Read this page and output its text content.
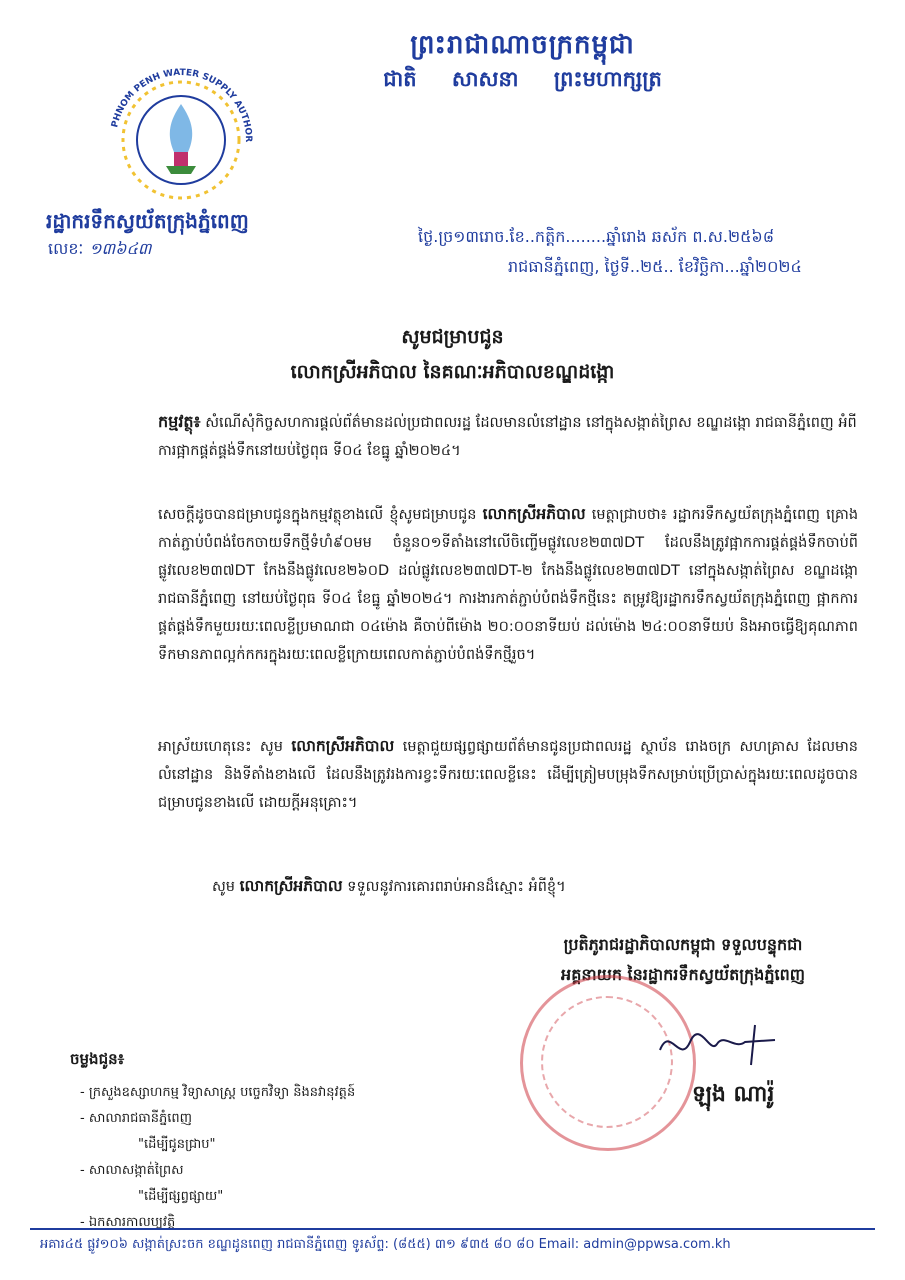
ព្រះរាជាណាចក្រកម្ពុជា
ជាតិ សាសនា ព្រះមហាក្សត្រ
PHNOM PENH WATER SUPPLY AUTHOR
រដ្ឋាករទឹកស្វយ័តក្រុងភ្នំពេញ
លេខៈ ១៣៦៤៣
ថ្ងៃ.ច្រ១៣រោច.ខែ..កត្តិក........ឆ្នាំរោង ឆស័ក ព.ស.២៥៦៨
រាជធានីភ្នំពេញ, ថ្ងៃទី..២៥.. ខែវិច្ឆិកា...ឆ្នាំ២០២៤
សូមជម្រាបជូន
លោកស្រីអភិបាល នៃគណៈអភិបាលខណ្ឌដង្កោ
កម្មវត្ថុ៖ សំណើសុំកិច្ចសហការផ្តល់ព័ត៌មានដល់ប្រជាពលរដ្ឋ ដែលមានលំនៅដ្ឋាន នៅក្នុងសង្កាត់ព្រៃស ខណ្ឌដង្កោ រាជធានីភ្នំពេញ អំពីការផ្អាកផ្គត់ផ្គង់ទឹកនៅយប់ថ្ងៃពុធ ទី០៤ ខែធ្នូ ឆ្នាំ២០២៤។
សេចក្តីដូចបានជម្រាបជូនក្នុងកម្មវត្ថុខាងលើ ខ្ញុំសូមជម្រាបជូន លោកស្រីអភិបាល មេត្តាជ្រាបថា៖ រដ្ឋាករទឹកស្វយ័តក្រុងភ្នំពេញ គ្រោងកាត់ភ្ជាប់បំពង់ចែកចាយទឹកថ្មីទំហំ៩០មម ចំនួន០១ទីតាំងនៅលើចិញ្ចើមផ្លូវលេខ២៣៧DT ដែលនឹងត្រូវផ្អាកការផ្គត់ផ្គង់ទឹកចាប់ពីផ្លូវលេខ២៣៧DT កែងនឹងផ្លូវលេខ២៦០D ដល់ផ្លូវលេខ២៣៧DT-២ កែងនឹងផ្លូវលេខ២៣៧DT នៅក្នុងសង្កាត់ព្រៃស ខណ្ឌដង្កោ រាជធានីភ្នំពេញ នៅយប់ថ្ងៃពុធ ទី០៤ ខែធ្នូ ឆ្នាំ២០២៤។ ការងារកាត់ភ្ជាប់បំពង់ទឹកថ្មីនេះ តម្រូវឱ្យរដ្ឋាករទឹកស្វយ័តក្រុងភ្នំពេញ ផ្អាកការផ្គត់ផ្គង់ទឹកមួយរយៈពេលខ្លីប្រមាណជា ០៤ម៉ោង គឺចាប់ពីម៉ោង ២០:០០នាទីយប់ ដល់ម៉ោង ២៤:០០នាទីយប់ និងអាចធ្វើឱ្យគុណភាពទឹកមានភាពល្អក់កករក្នុងរយៈពេលខ្លីក្រោយពេលកាត់ភ្ជាប់បំពង់ទឹកថ្មីរួច។
អាស្រ័យហេតុនេះ សូម លោកស្រីអភិបាល មេត្តាជួយផ្សព្វផ្សាយព័ត៌មានជូនប្រជាពលរដ្ឋ ស្ថាប័ន រោងចក្រ សហគ្រាស ដែលមានលំនៅដ្ឋាន និងទីតាំងខាងលើ ដែលនឹងត្រូវរងការខ្វះទឹករយៈពេលខ្លីនេះ ដើម្បីត្រៀមបម្រុងទឹកសម្រាប់ប្រើប្រាស់ក្នុងរយៈពេលដូចបានជម្រាបជូនខាងលើ ដោយក្តីអនុគ្រោះ។
សូម លោកស្រីអភិបាល ទទួលនូវការគោរពរាប់អានដ៏ស្មោះ អំពីខ្ញុំ។
ប្រតិភូរាជរដ្ឋាភិបាលកម្ពុជា ទទួលបន្ទុកជា
អគ្គនាយក នៃរដ្ឋាករទឹកស្វយ័តក្រុងភ្នំពេញ
ឡុង ណារ៉ូ
ចម្លងជូន៖
- ក្រសួងឧស្សាហកម្ម វិទ្យាសាស្ត្រ បច្ចេកវិទ្យា និងនវានុវត្តន៍
- សាលារាជធានីភ្នំពេញ
"ដើម្បីជូនជ្រាប"
- សាលាសង្កាត់ព្រៃស
"ដើម្បីផ្សព្វផ្សាយ"
- ឯកសារកាលប្បវត្តិ
អគារ៤៥ ផ្លូវ១០៦ សង្កាត់ស្រះចក ខណ្ឌដូនពេញ រាជធានីភ្នំពេញ ទូរស័ព្ទ: (៨៥៥) ៣១ ៩៣៥ ៨០ ៨០ Email: admin@ppwsa.com.kh
